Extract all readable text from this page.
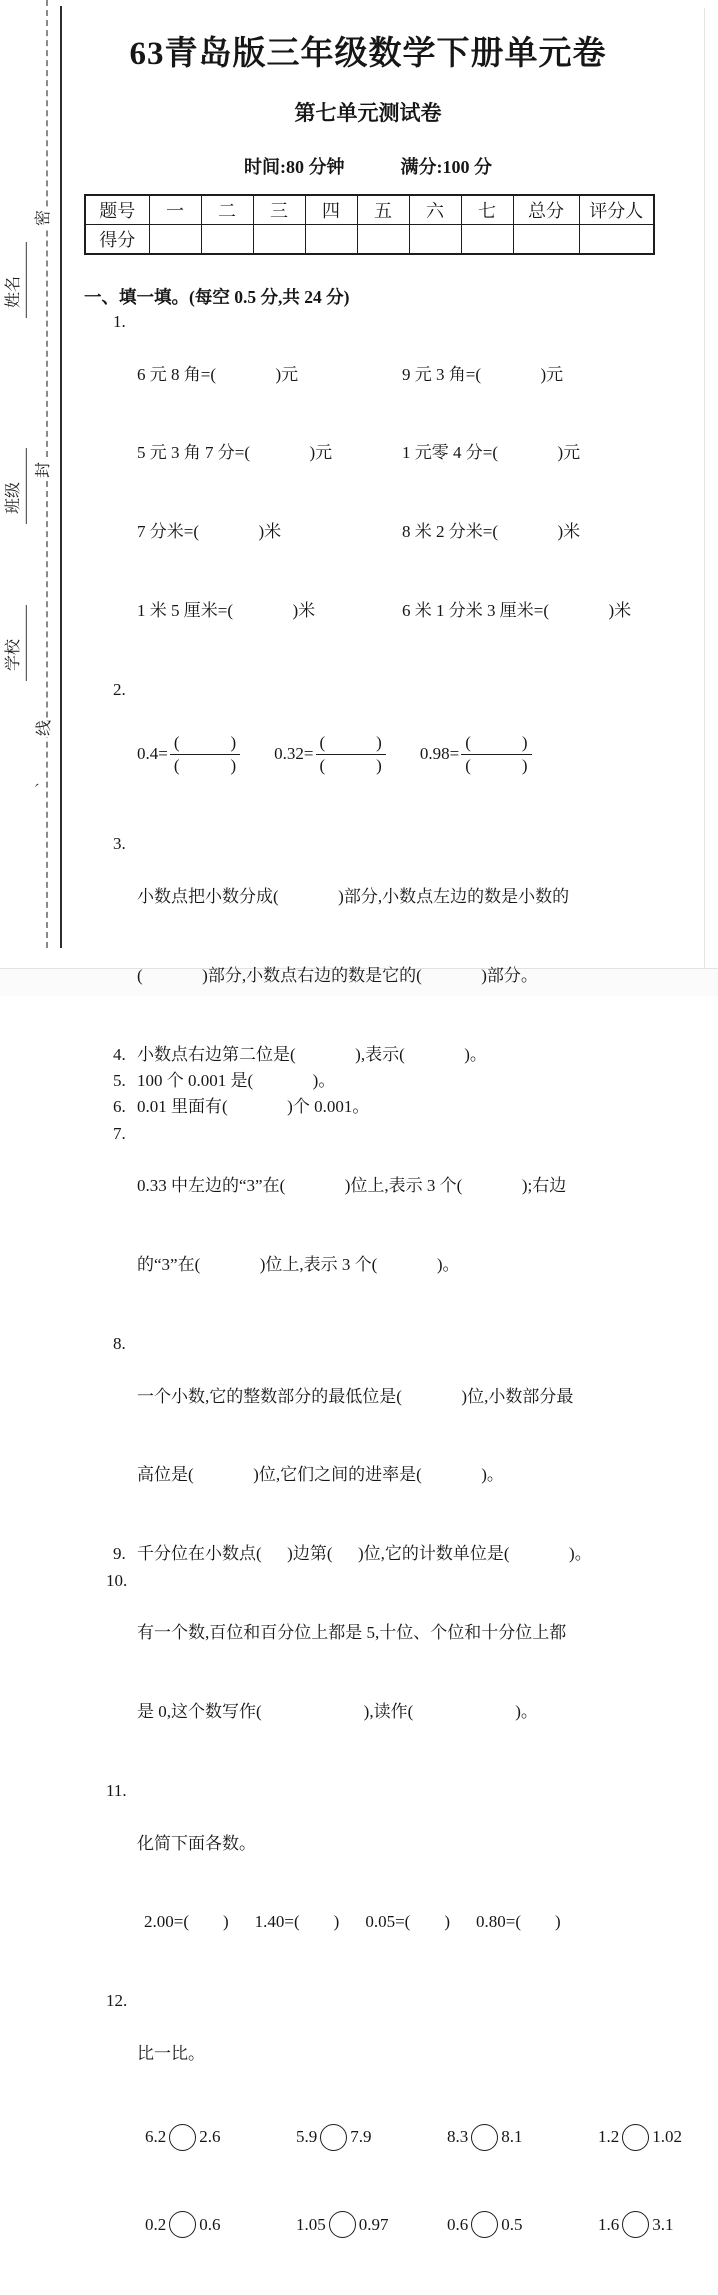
密
封
线
、
姓名
班级
学校
63青岛版三年级数学下册单元卷
第七单元测试卷
时间:80 分钟	满分:100 分
题号	一	二	三	四	五	六	七	总分	评分人
得分									
一、填一填。(每空 0.5 分,共 24 分)
1.

6 元 8 角=(              )元	9 元 3 角=(              )元

5 元 3 角 7 分=(              )元	1 元零 4 分=(              )元

7 分米=(              )米	8 米 2 分米=(              )米

1 米 5 厘米=(              )米	6 米 1 分米 3 厘米=(              )米

2.

$0.4= \frac{( )}{( )} 0.32= \frac{( )}{( )} 0.98= \frac{( )}{( )}$

3.

小数点把小数分成(              )部分,小数点左边的数是小数的

(              )部分,小数点右边的数是它的(              )部分。

4. 小数点右边第二位是(              ),表示(              )。
5. 100 个 0.001 是(              )。
6. 0.01 里面有(              )个 0.001。
7.

0.33 中左边的“3”在(              )位上,表示 3 个(              );右边

的“3”在(              )位上,表示 3 个(              )。

8.

一个小数,它的整数部分的最低位是(              )位,小数部分最

高位是(              )位,它们之间的进率是(              )。

9. 千分位在小数点(      )边第(      )位,它的计数单位是(              )。
10.

有一个数,百位和百分位上都是 5,十位、个位和十分位上都

是 0,这个数写作(                        ),读作(                        )。

11.

化简下面各数。

2.00=(        ) 1.40=(        ) 0.05=(        ) 0.80=(        )

12.

比一比。

6.2 2.6	5.9 7.9	8.3 8.1	1.2 1.02

0.2 0.6	1.05 0.97	0.6 0.5	1.6 3.1
